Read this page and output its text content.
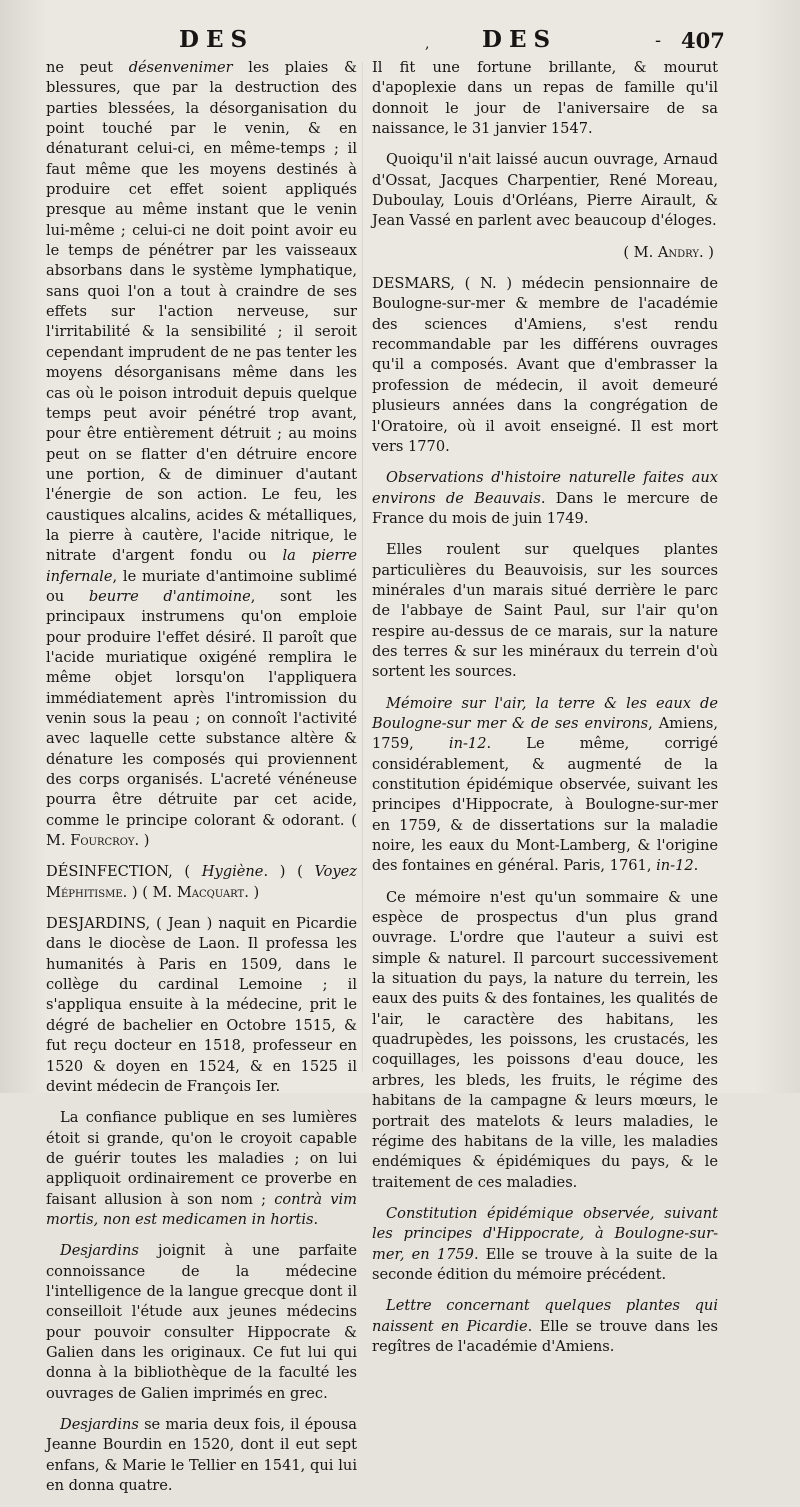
DES	, DES	- 407

ne peut désenvenimer les plaies & blessures, que par la destruction des parties blessées, la désorganisation du point touché par le venin, & en dénaturant celui-ci, en même-temps ; il faut même que les moyens destinés à produire cet effet soient appliqués presque au même instant que le venin lui-même ; celui-ci ne doit point avoir eu le temps de pénétrer par les vaisseaux absorbans dans le système lymphatique, sans quoi l'on a tout à craindre de ses effets sur l'action nerveuse, sur l'irritabilité & la sensibilité ; il seroit cependant imprudent de ne pas tenter les moyens désorganisans même dans les cas où le poison introduit depuis quelque temps peut avoir pénétré trop avant, pour être entièrement détruit ; au moins peut on se flatter d'en détruire encore une portion, & de diminuer d'autant l'énergie de son action. Le feu, les caustiques alcalins, acides & métalliques, la pierre à cautère, l'acide nitrique, le nitrate d'argent fondu ou la pierre infernale, le muriate d'antimoine sublimé ou beurre d'antimoine, sont les principaux instrumens qu'on emploie pour produire l'effet désiré. Il paroît que l'acide muriatique oxigéné remplira le même objet lorsqu'on l'appliquera immédiatement après l'intromission du venin sous la peau ; on connoît l'activité avec laquelle cette substance altère & dénature les composés qui proviennent des corps organisés. L'acreté vénéneuse pourra être détruite par cet acide, comme le principe colorant & odorant. ( M. Fourcroy. )

DÉSINFECTION, ( Hygiène. ) ( Voyez Méphitisme. ) ( M. Macquart. )

DESJARDINS, ( Jean ) naquit en Picardie dans le diocèse de Laon. Il professa les humanités à Paris en 1509, dans le collège du cardinal Lemoine ; il s'appliqua ensuite à la médecine, prit le dégré de bachelier en Octobre 1515, & fut reçu docteur en 1518, professeur en 1520 & doyen en 1524, & en 1525 il devint médecin de François Ier.

La confiance publique en ses lumières étoit si grande, qu'on le croyoit capable de guérir toutes les maladies ; on lui appliquoit ordinairement ce proverbe en faisant allusion à son nom ; contrà vim mortis, non est medicamen in hortis.

Desjardins joignit à une parfaite connoissance de la médecine l'intelligence de la langue grecque dont il conseilloit l'étude aux jeunes médecins pour pouvoir consulter Hippocrate & Galien dans les originaux. Ce fut lui qui donna à la bibliothèque de la faculté les ouvrages de Galien imprimés en grec.

Desjardins se maria deux fois, il épousa Jeanne Bourdin en 1520, dont il eut sept enfans, & Marie le Tellier en 1541, qui lui en donna quatre.

Il fit une fortune brillante, & mourut d'apoplexie dans un repas de famille qu'il donnoit le jour de l'aniversaire de sa naissance, le 31 janvier 1547.

Quoiqu'il n'ait laissé aucun ouvrage, Arnaud d'Ossat, Jacques Charpentier, René Moreau, Duboulay, Louis d'Orléans, Pierre Airault, & Jean Vassé en parlent avec beaucoup d'éloges.

( M. Andry. )

DESMARS, ( N. ) médecin pensionnaire de Boulogne-sur-mer & membre de l'académie des sciences d'Amiens, s'est rendu recommandable par les différens ouvrages qu'il a composés. Avant que d'embrasser la profession de médecin, il avoit demeuré plusieurs années dans la congrégation de l'Oratoire, où il avoit enseigné. Il est mort vers 1770.

Observations d'histoire naturelle faites aux environs de Beauvais. Dans le mercure de France du mois de juin 1749.

Elles roulent sur quelques plantes particulières du Beauvoisis, sur les sources minérales d'un marais situé derrière le parc de l'abbaye de Saint Paul, sur l'air qu'on respire au-dessus de ce marais, sur la nature des terres & sur les minéraux du terrein d'où sortent les sources.

Mémoire sur l'air, la terre & les eaux de Boulogne-sur mer & de ses environs, Amiens, 1759, in-12. Le même, corrigé considérablement, & augmenté de la constitution épidémique observée, suivant les principes d'Hippocrate, à Boulogne-sur-mer en 1759, & de dissertations sur la maladie noire, les eaux du Mont-Lamberg, & l'origine des fontaines en général. Paris, 1761, in-12.

Ce mémoire n'est qu'un sommaire & une espèce de prospectus d'un plus grand ouvrage. L'ordre que l'auteur a suivi est simple & naturel. Il parcourt successivement la situation du pays, la nature du terrein, les eaux des puits & des fontaines, les qualités de l'air, le caractère des habitans, les quadrupèdes, les poissons, les crustacés, les coquillages, les poissons d'eau douce, les arbres, les bleds, les fruits, le régime des habitans de la campagne & leurs mœurs, le portrait des matelots & leurs maladies, le régime des habitans de la ville, les maladies endémiques & épidémiques du pays, & le traitement de ces maladies.

Constitution épidémique observée, suivant les principes d'Hippocrate, à Boulogne-sur-mer, en 1759. Elle se trouve à la suite de la seconde édition du mémoire précédent.

Lettre concernant quelques plantes qui naissent en Picardie. Elle se trouve dans les regîtres de l'académie d'Amiens.
